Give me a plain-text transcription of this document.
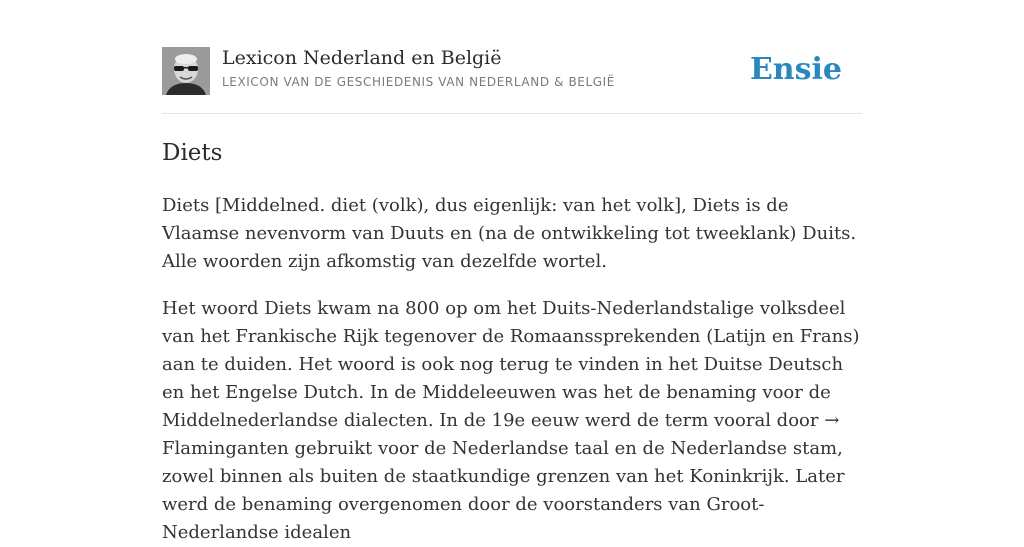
Lexicon Nederland en België
LEXICON VAN DE GESCHIEDENIS VAN NEDERLAND & BELGIË	Ensie
Diets

Diets [Middelned. diet (volk), dus eigenlijk: van het volk], Diets is de Vlaamse nevenvorm van Duuts en (na de ontwikkeling tot tweeklank) Duits. Alle woorden zijn afkomstig van dezelfde wortel.

Het woord Diets kwam na 800 op om het Duits-Nederlandstalige volksdeel van het Frankische Rijk tegenover de Romaanssprekenden (Latijn en Frans) aan te duiden. Het woord is ook nog terug te vinden in het Duitse Deutsch en het Engelse Dutch. In de Middeleeuwen was het de benaming voor de Middelnederlandse dialecten. In de 19e eeuw werd de term vooral door → Flaminganten gebruikt voor de Nederlandse taal en de Nederlandse stam, zowel binnen als buiten de staatkundige grenzen van het Koninkrijk. Later werd de benaming overgenomen door de voorstanders van Groot-Nederlandse idealen
